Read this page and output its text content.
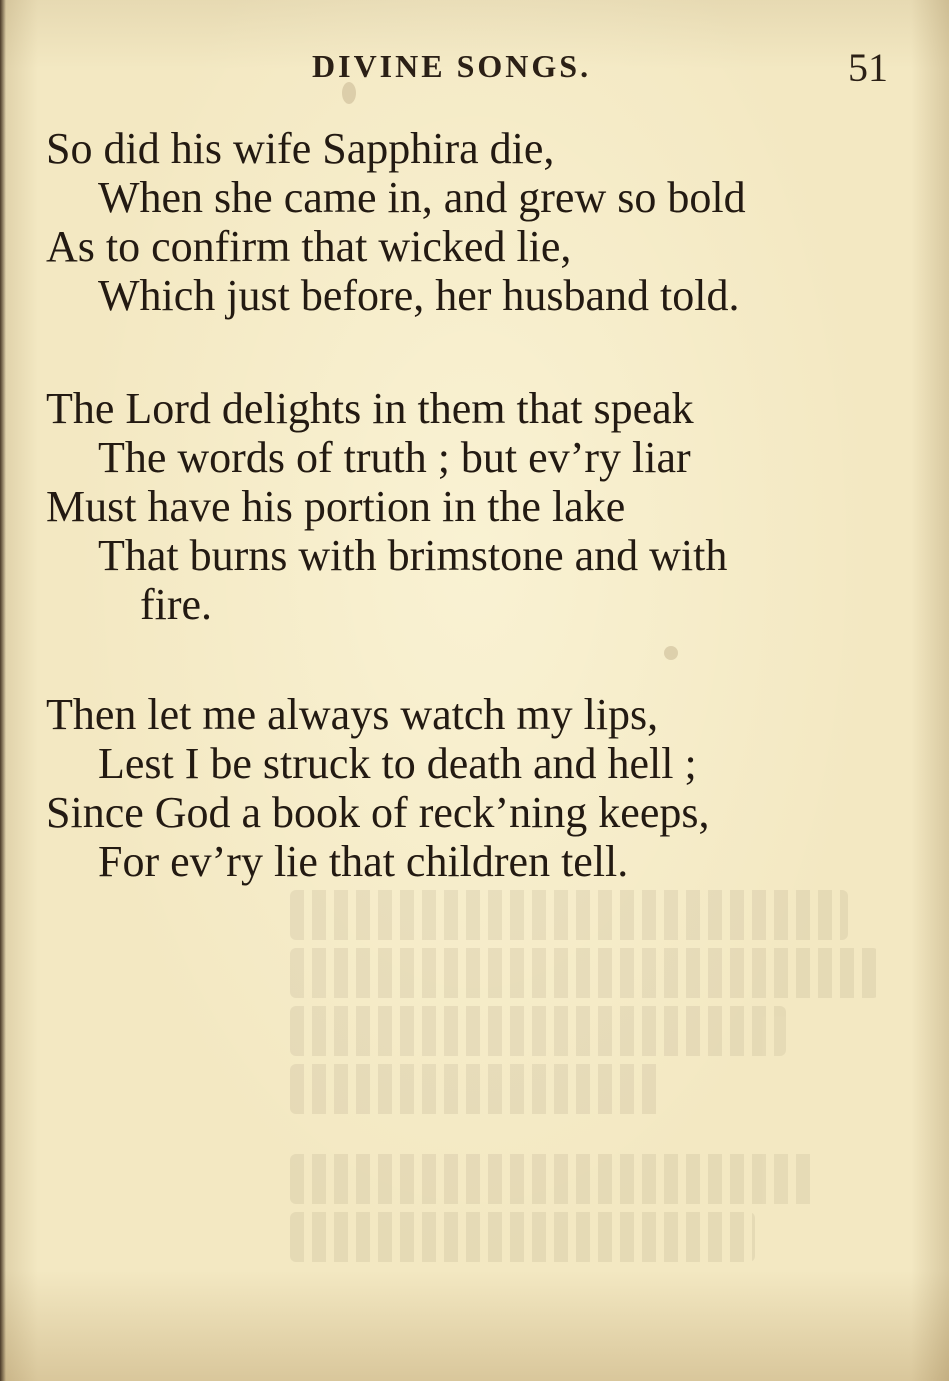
DIVINE SONGS.	51
So did his wife Sapphira die,
When she came in, and grew so bold
As to confirm that wicked lie,
Which just before, her husband told.
The Lord delights in them that speak
The words of truth ; but ev’ry liar
Must have his portion in the lake
That burns with brimstone and with
fire.
Then let me always watch my lips,
Lest I be struck to death and hell ;
Since God a book of reck’ning keeps,
For ev’ry lie that children tell.
